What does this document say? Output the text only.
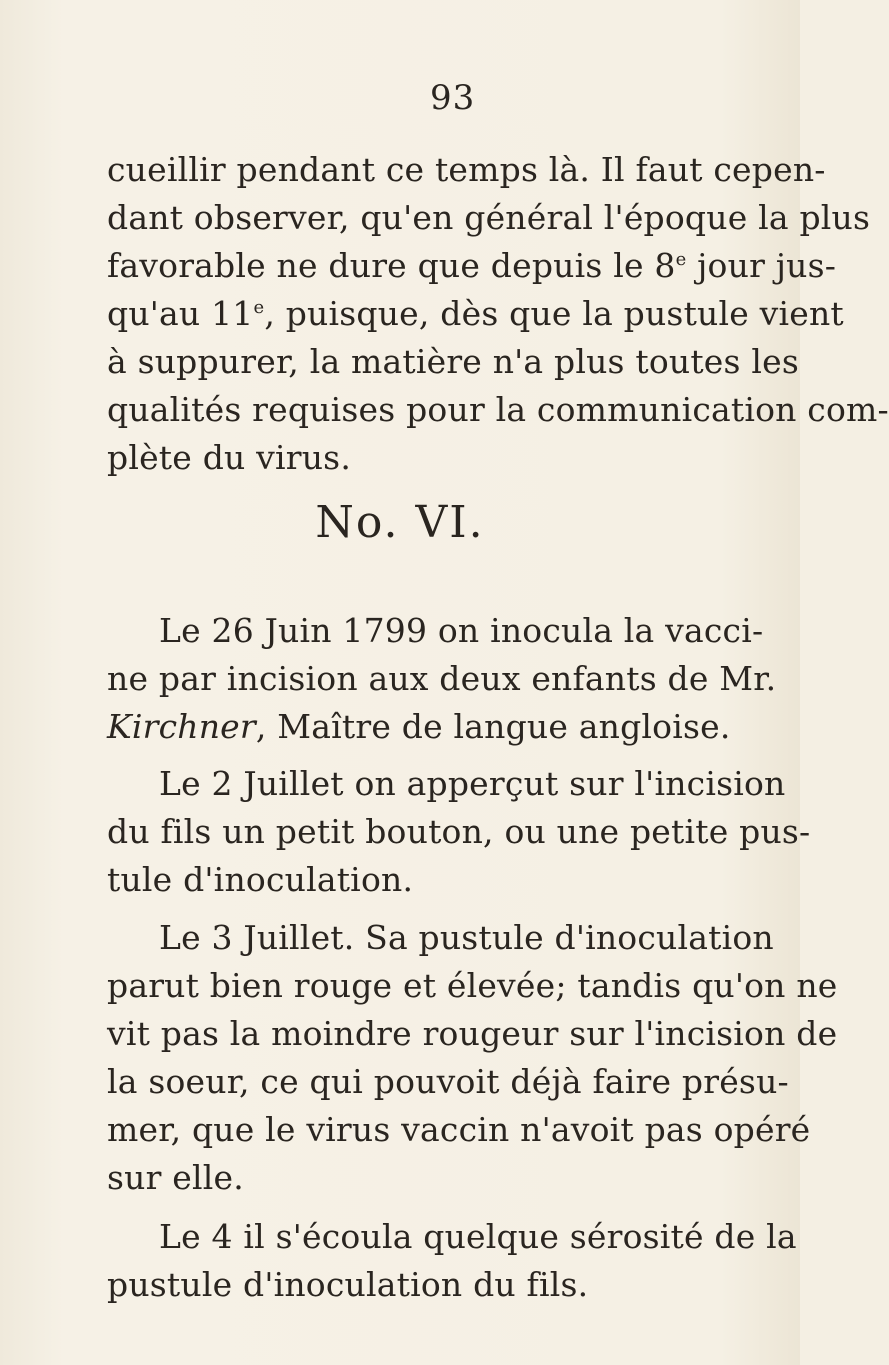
93
cueillir pendant ce temps là. Il faut cepen-
dant observer, qu'en général l'époque la plus
favorable ne dure que depuis le 8e jour jus-
qu'au 11e, puisque, dès que la pustule vient
à suppurer, la matière n'a plus toutes les
qualités requises pour la communication com-
plète du virus.
No. VI.
Le 26 Juin 1799 on inocula la vacci-
ne par incision aux deux enfants de Mr.
Kirchner, Maître de langue angloise.
Le 2 Juillet on apperçut sur l'incision
du fils un petit bouton, ou une petite pus-
tule d'inoculation.
Le 3 Juillet. Sa pustule d'inoculation
parut bien rouge et élevée; tandis qu'on ne
vit pas la moindre rougeur sur l'incision de
la soeur, ce qui pouvoit déjà faire présu-
mer, que le virus vaccin n'avoit pas opéré
sur elle.
Le 4 il s'écoula quelque sérosité de la
pustule d'inoculation du fils.
